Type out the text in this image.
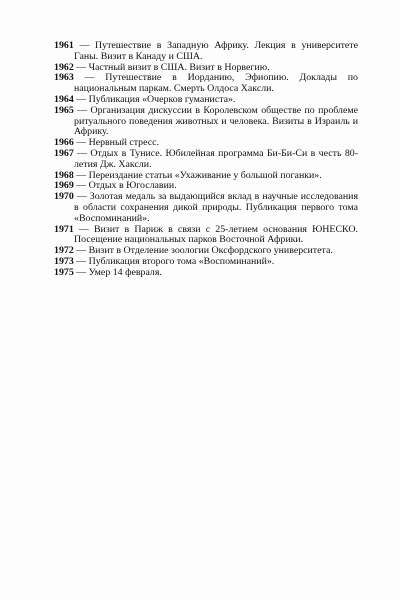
1961 — Путешествие в Западную Африку. Лекция в университете Ганы. Визит в Канаду и США.
1962 — Частный визит в США. Визит в Норвегию.
1963 — Путешествие в Иорданию, Эфиопию. Доклады по национальным паркам. Смерть Олдоса Хаксли.
1964 — Публикация «Очерков гуманиста».
1965 — Организация дискуссии в Королевском обществе по проблеме ритуального поведения животных и человека. Визиты в Израиль и Африку.
1966 — Нервный стресс.
1967 — Отдых в Тунисе. Юбилейная программа Би-Би-Си в честь 80-летия Дж. Хаксли.
1968 — Переиздание статьи «Ухаживание у большой поганки».
1969 — Отдых в Югославии.
1970 — Золотая медаль за выдающийся вклад в научные исследования в области сохранения дикой природы. Публикация первого тома «Воспоминаний».
1971 — Визит в Париж в связи с 25-летием основания ЮНЕСКО. Посещение национальных парков Восточной Африки.
1972 — Визит в Отделение зоологии Оксфордского университета.
1973 — Публикация второго тома «Воспоминаний».
1975 — Умер 14 февраля.
